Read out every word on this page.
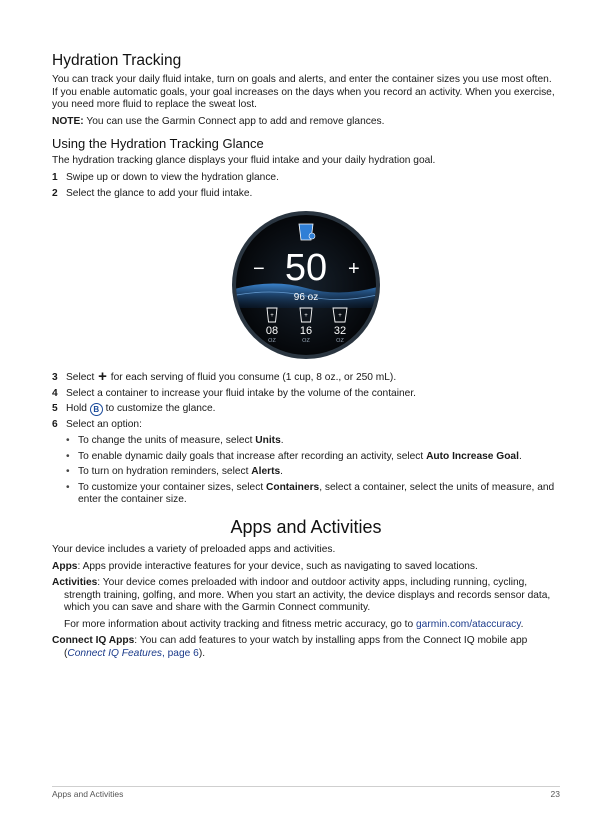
Hydration Tracking

You can track your daily fluid intake, turn on goals and alerts, and enter the container sizes you use most often. If you enable automatic goals, your goal increases on the days when you record an activity. When you exercise, you need more fluid to replace the sweat lost.

NOTE: You can use the Garmin Connect app to add and remove glances.

Using the Hydration Tracking Glance

The hydration tracking glance displays your fluid intake and your daily hydration goal.

1 Swipe up or down to view the hydration glance.
2 Select the glance to add your fluid intake.
− 50 +
96 oz
+	+	+
08 16 32
OZ	OZ	OZ
3 Select + for each serving of fluid you consume (1 cup, 8 oz., or 250 mL).
4 Select a container to increase your fluid intake by the volume of the container.
5 Hold B to customize the glance.
6 Select an option:
• To change the units of measure, select Units.
• To enable dynamic daily goals that increase after recording an activity, select Auto Increase Goal.
• To turn on hydration reminders, select Alerts.
• To customize your container sizes, select Containers, select a container, select the units of measure, and enter the container size.
Apps and Activities

Your device includes a variety of preloaded apps and activities.

Apps: Apps provide interactive features for your device, such as navigating to saved locations.

Activities: Your device comes preloaded with indoor and outdoor activity apps, including running, cycling, strength training, golfing, and more. When you start an activity, the device displays and records sensor data, which you can save and share with the Garmin Connect community.

For more information about activity tracking and fitness metric accuracy, go to garmin.com/ataccuracy.

Connect IQ Apps: You can add features to your watch by installing apps from the Connect IQ mobile app (Connect IQ Features, page 6).

Apps and Activities	23
